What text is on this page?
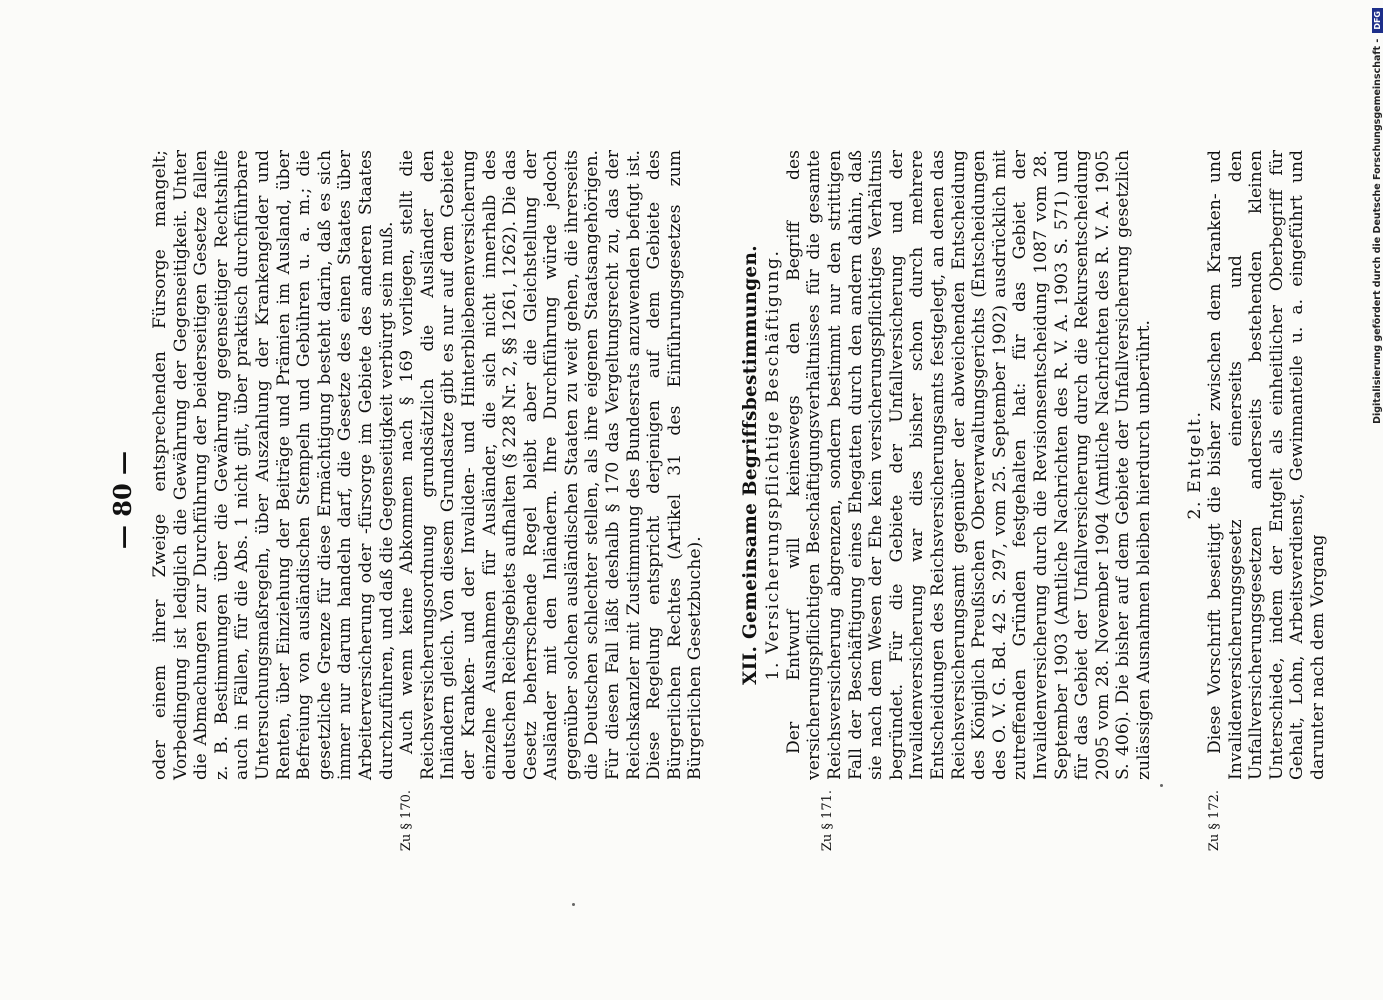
— 80 — oder einem ihrer Zweige entsprechenden Fürsorge mangelt; Vorbedingung ist lediglich die Gewährung der Gegenseitigkeit. Unter die Abmachungen zur Durchführung der beiderseitigen Gesetze fallen z. B. Bestimmungen über die Gewährung gegenseitiger Rechtshilfe auch in Fällen, für die Abs. 1 nicht gilt, über praktisch durchführbare Untersuchungsmaßregeln, über Auszahlung der Krankengelder und Renten, über Einziehung der Beiträge und Prämien im Ausland, über Befreiung von ausländischen Stempeln und Gebühren u. a. m.; die gesetzliche Grenze für diese Ermächtigung besteht darin, daß es sich immer nur darum handeln darf, die Gesetze des einen Staates über Arbeiterversicherung oder -fürsorge im Gebiete des anderen Staates durchzuführen, und daß die Gegenseitigkeit verbürgt sein muß.

Zu § 170.

Auch wenn keine Abkommen nach § 169 vorliegen, stellt die Reichsversicherungsordnung grundsätzlich die Ausländer den Inländern gleich. Von diesem Grundsatze gibt es nur auf dem Gebiete der Kranken- und der Invaliden- und Hinterbliebenenversicherung einzelne Ausnahmen für Ausländer, die sich nicht innerhalb des deutschen Reichsgebiets aufhalten (§ 228 Nr. 2, §§ 1261, 1262). Die das Gesetz beherrschende Regel bleibt aber die Gleichstellung der Ausländer mit den Inländern. Ihre Durchführung würde jedoch gegenüber solchen ausländischen Staaten zu weit gehen, die ihrerseits die Deutschen schlechter stellen, als ihre eigenen Staatsangehörigen. Für diesen Fall läßt deshalb § 170 das Vergeltungsrecht zu, das der Reichskanzler mit Zustimmung des Bundesrats anzuwenden befugt ist. Diese Regelung entspricht derjenigen auf dem Gebiete des Bürgerlichen Rechtes (Artikel 31 des Einführungsgesetzes zum Bürgerlichen Gesetzbuche). XII. Gemeinsame Begriffsbestimmungen. 1. Versicherungspflichtige Beschäftigung.

Zu § 171.

Der Entwurf will keineswegs den Begriff des versicherungspflichtigen Beschäftigungsverhältnisses für die gesamte Reichsversicherung abgrenzen, sondern bestimmt nur den strittigen Fall der Beschäftigung eines Ehegatten durch den andern dahin, daß sie nach dem Wesen der Ehe kein versicherungspflichtiges Verhältnis begründet. Für die Gebiete der Unfallversicherung und der Invalidenversicherung war dies bisher schon durch mehrere Entscheidungen des Reichsversicherungsamts festgelegt, an denen das Reichsversicherungsamt gegenüber der abweichenden Entscheidung des Königlich Preußischen Oberverwaltungsgerichts (Entscheidungen des O. V. G. Bd. 42 S. 297, vom 25. September 1902) ausdrücklich mit zutreffenden Gründen festgehalten hat: für das Gebiet der Invalidenversicherung durch die Revisionsentscheidung 1087 vom 28. September 1903 (Amtliche Nachrichten des R. V. A. 1903 S. 571) und für das Gebiet der Unfallversicherung durch die Rekursentscheidung 2095 vom 28. November 1904 (Amtliche Nachrichten des R. V. A. 1905 S. 406). Die bisher auf dem Gebiete der Unfallversicherung gesetzlich zulässigen Ausnahmen bleiben hierdurch unberührt. 2. Entgelt.

Zu § 172.

Diese Vorschrift beseitigt die bisher zwischen dem Kranken- und Invalidenversicherungsgesetz einerseits und den Unfallversicherungsgesetzen anderseits bestehenden kleinen Unterschiede, indem der Entgelt als einheitlicher Oberbegriff für Gehalt, Lohn, Arbeitsverdienst, Gewinnanteile u. a. eingeführt und darunter nach dem Vorgang

Digitalisierung gefördert durch die Deutsche Forschungsgemeinschaft -
DFG
